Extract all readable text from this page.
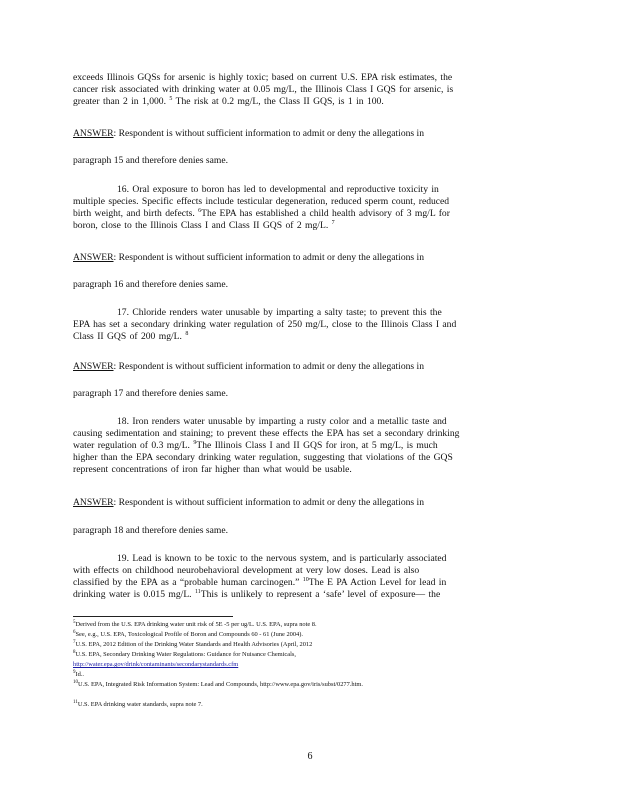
exceeds Illinois GQSs for arsenic is highly toxic; based on current U.S. EPA risk estimates, the
cancer risk associated with drinking water at 0.05 mg/L, the Illinois Class I GQS for arsenic, is
greater than 2 in 1,000. $^5$ The risk at 0.2 mg/L, the Class II GQS, is 1 in 100.
ANSWER: Respondent is without sufficient information to admit or deny the allegations in
paragraph 15 and therefore denies same.
16. Oral exposure to boron has led to developmental and reproductive toxicity in
multiple species. Specific effects include testicular degeneration, reduced sperm count, reduced
birth weight, and birth defects. $^6$The EPA has established a child health advisory of 3 mg/L for
boron, close to the Illinois Class I and Class II GQS of 2 mg/L. $^7$
ANSWER: Respondent is without sufficient information to admit or deny the allegations in
paragraph 16 and therefore denies same.
17. Chloride renders water unusable by imparting a salty taste; to prevent this the
EPA has set a secondary drinking water regulation of 250 mg/L, close to the Illinois Class I and
Class II GQS of 200 mg/L. $^8$
ANSWER: Respondent is without sufficient information to admit or deny the allegations in
paragraph 17 and therefore denies same.
18. Iron renders water unusable by imparting a rusty color and a metallic taste and
causing sedimentation and staining; to prevent these effects the EPA has set a secondary drinking
water regulation of 0.3 mg/L. $^9$The Illinois Class I and II GQS for iron, at 5 mg/L, is much
higher than the EPA secondary drinking water regulation, suggesting that violations of the GQS
represent concentrations of iron far higher than what would be usable.
ANSWER: Respondent is without sufficient information to admit or deny the allegations in
paragraph 18 and therefore denies same.
19. Lead is known to be toxic to the nervous system, and is particularly associated
with effects on childhood neurobehavioral development at very low doses. Lead is also
classified by the EPA as a “probable human carcinogen.” $^{10}$The E PA Action Level for lead in
drinking water is 0.015 mg/L. $^{11}$This is unlikely to represent a ‘safe’ level of exposure— the
$^5$Derived from the U.S. EPA drinking water unit risk of 5E -5 per ug/L. U.S. EPA, supra note 8.
$^6$See, e.g., U.S. EPA, Toxicological Profile of Boron and Compounds 60 - 61 (June 2004).
$^7$U.S. EPA, 2012 Edition of the Drinking Water Standards and Health Advisories (April, 2012
$^8$U.S. EPA, Secondary Drinking Water Regulations: Guidance for Nuisance Chemicals,
http://water.epa.gov/drink/contaminants/secondarystandards.cfm
$^9$Id..
$^{10}$U.S. EPA, Integrated Risk Information System: Lead and Compounds, http://www.epa.gov/iris/subst/0277.htm.
$^{11}$U.S. EPA drinking water standards, supra note 7.
6
